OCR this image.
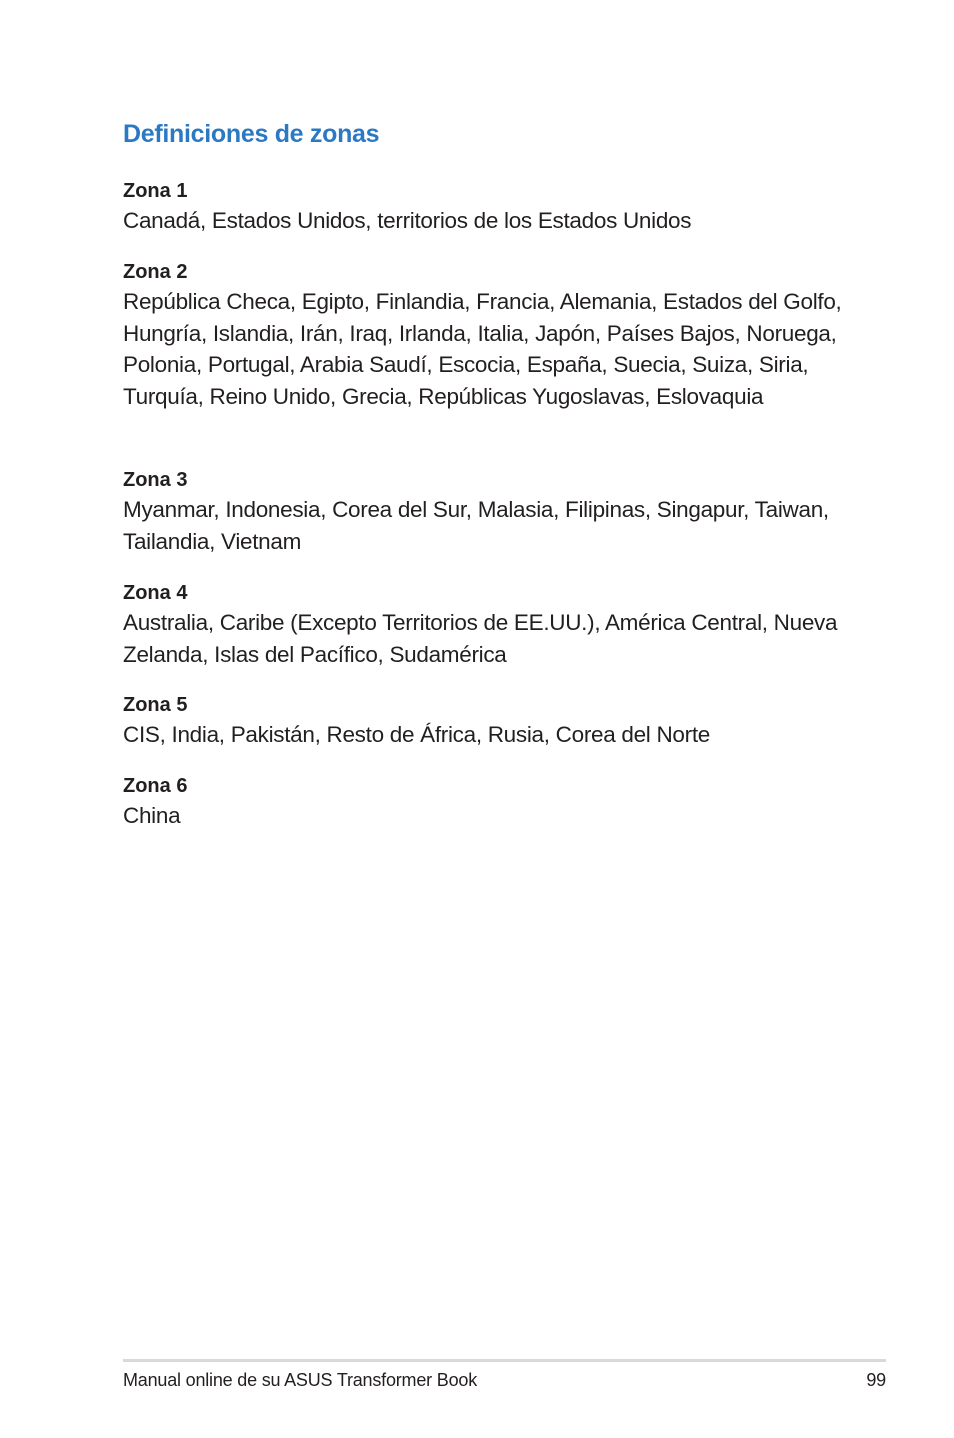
Definiciones de zonas
Zona 1
Canadá, Estados Unidos, territorios de los Estados Unidos
Zona 2
República Checa, Egipto, Finlandia, Francia, Alemania, Estados del Golfo, Hungría, Islandia, Irán, Iraq, Irlanda, Italia, Japón, Países Bajos, Noruega, Polonia, Portugal, Arabia Saudí, Escocia, España, Suecia, Suiza, Siria, Turquía, Reino Unido, Grecia, Repúblicas Yugoslavas, Eslovaquia
Zona 3
Myanmar, Indonesia, Corea del Sur, Malasia, Filipinas, Singapur, Taiwan, Tailandia, Vietnam
Zona 4
Australia, Caribe (Excepto Territorios de EE.UU.), América Central, Nueva Zelanda, Islas del Pacífico, Sudamérica
Zona 5
CIS, India, Pakistán, Resto de África, Rusia, Corea del Norte
Zona 6
China
Manual online de su ASUS Transformer Book	99
